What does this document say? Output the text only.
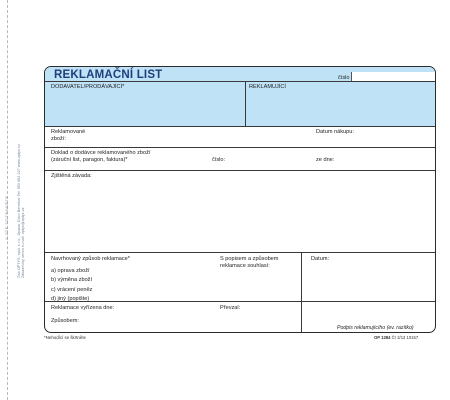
A ZDE ODTRHNĚTE Tisk OPTYS, spol. s r.o., Opava, Dolní Benešov Tel: 553 652 227 www.optys.cz Zákaznický servis e-mail: optys@optys.cz
REKLAMAČNÍ LIST	číslo
DODAVATEL/PRODÁVAJÍCÍ*	REKLAMUJÍCÍ
Reklamované
zboží:
Datum nákupu:
Doklad o dodávce reklamovaného zboží
(záruční list, paragon, faktura)*	číslo:	ze dne:
Zjištěná závada:
Navrhovaný způsob reklamace*
a) oprava zboží
b) výměna zboží
c) vrácení peněz
d) jiný (popište)
S popisem a způsobem
reklamace souhlasí:
Datum:
Reklamace vyřízena dne:	Převzal:
Způsobem:
Podpis reklamujícího (ev. razítko)
*Nehodící se škrtněte	OP 1284 Čr 2/13 10157
